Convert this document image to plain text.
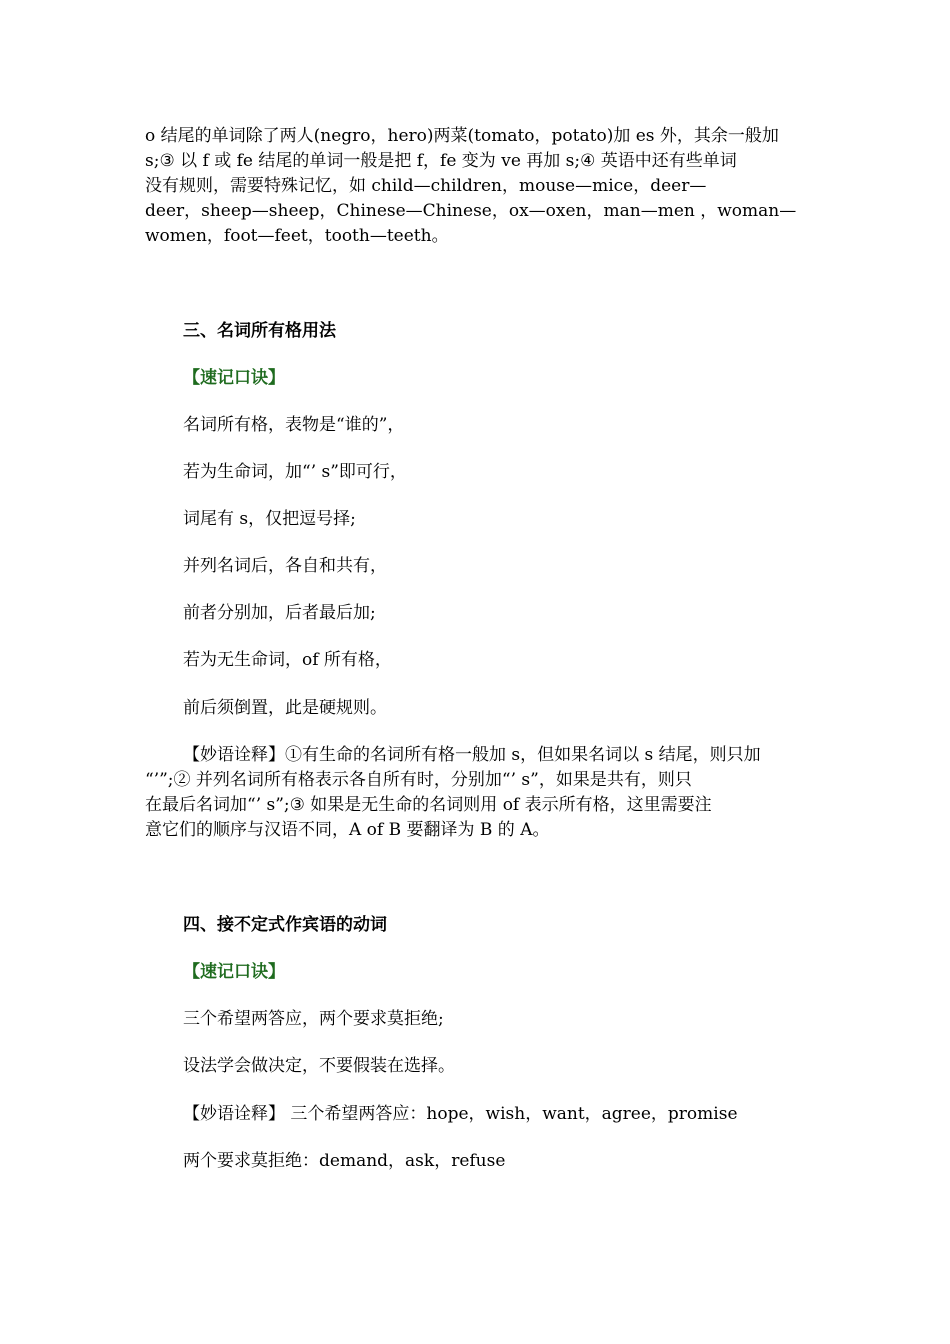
o 结尾的单词除了两人(negro，hero)两菜(tomato，potato)加 es 外，其余一般加
s;③ 以 f 或 fe 结尾的单词一般是把 f，fe 变为 ve 再加 s;④ 英语中还有些单词
没有规则，需要特殊记忆，如 child—children，mouse—mice，deer—
deer，sheep—sheep，Chinese—Chinese，ox—oxen，man—men ，woman—
women，foot—feet，tooth—teeth。
三、名词所有格用法
【速记口诀】
名词所有格，表物是“谁的”，
若为生命词，加“’ s”即可行，
词尾有 s，仅把逗号择;
并列名词后，各自和共有，
前者分别加，后者最后加;
若为无生命词，of 所有格，
前后须倒置，此是硬规则。
【妙语诠释】①有生命的名词所有格一般加 s，但如果名词以 s 结尾，则只加
“’”;② 并列名词所有格表示各自所有时，分别加“’ s”，如果是共有，则只
在最后名词加“’ s”;③ 如果是无生命的名词则用 of 表示所有格，这里需要注
意它们的顺序与汉语不同，A of B 要翻译为 B 的 A。
四、接不定式作宾语的动词
【速记口诀】
三个希望两答应，两个要求莫拒绝;
设法学会做决定，不要假装在选择。
【妙语诠释】 三个希望两答应：hope，wish，want，agree，promise
两个要求莫拒绝：demand，ask，refuse
